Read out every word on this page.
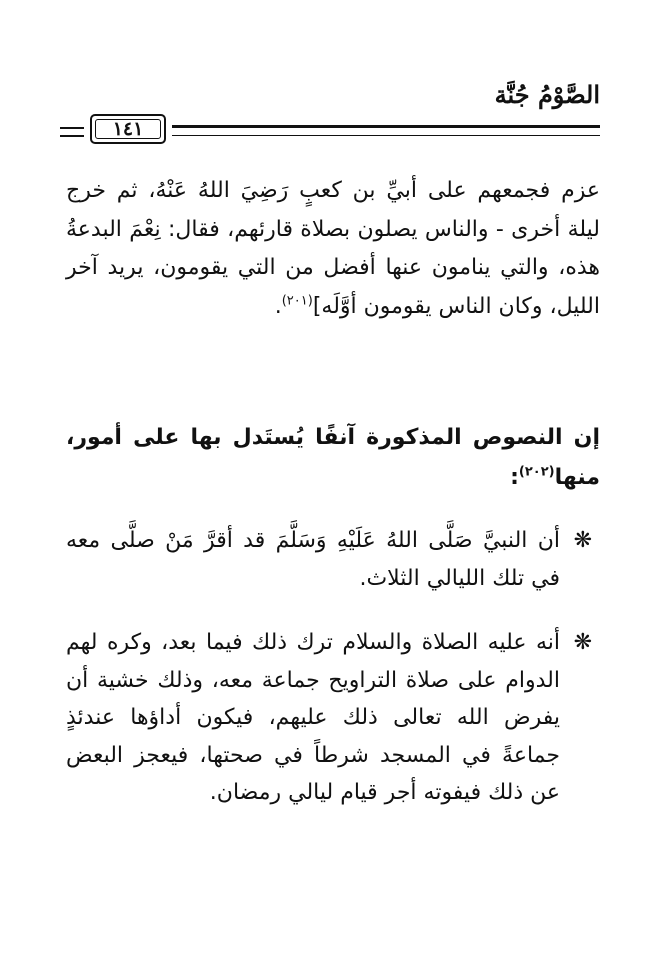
الصَّوْمُ جُنَّة
١٤١
عزم فجمعهم على أبيِّ بن كعبٍ رَضِيَ اللهُ عَنْهُ، ثم خرج ليلة أخرى - والناس يصلون بصلاة قارئهم، فقال: نِعْمَ البدعةُ هذه، والتي ينامون عنها أفضل من التي يقومون، يريد آخر الليل، وكان الناس يقومون أوَّلَه]$^{(٢٠١)}$.
إن النصوص المذكورة آنفًا يُستَدل بها على أمور، منها$^{(٢٠٢)}$:
❋
أن النبيَّ صَلَّى اللهُ عَلَيْهِ وَسَلَّمَ قد أقرَّ مَنْ صلَّى معه في تلك الليالي الثلاث.
❋
أنه عليه الصلاة والسلام ترك ذلك فيما بعد، وكره لهم الدوام على صلاة التراويح جماعة معه، وذلك خشية أن يفرض الله تعالى ذلك عليهم، فيكون أداؤها عندئذٍ جماعةً في المسجد شرطاً في صحتها، فيعجز البعض عن ذلك فيفوته أجر قيام ليالي رمضان.
